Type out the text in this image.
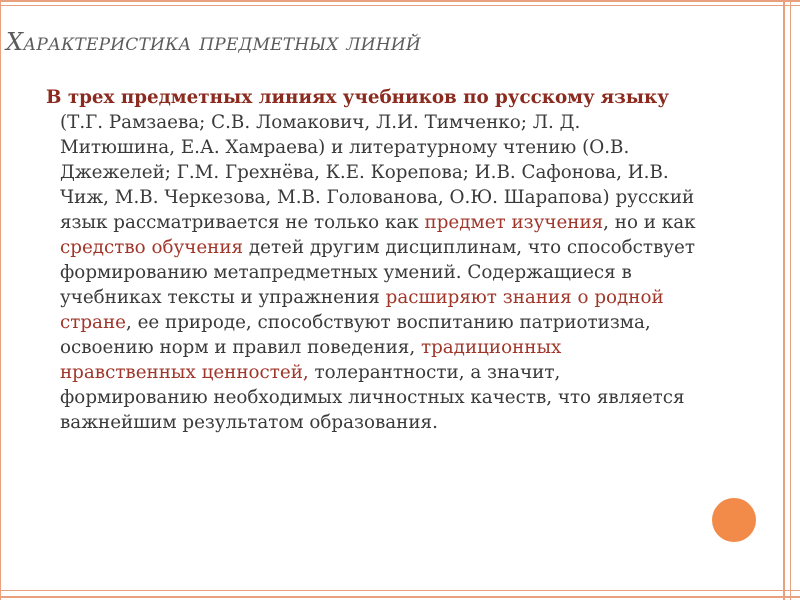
Характеристика предметных линий
В трех предметных линиях учебников по русскому языку (Т.Г. Рамзаева; С.В. Ломакович, Л.И. Тимченко; Л. Д. Митюшина, Е.А. Хамраева) и литературному чтению (О.В. Джежелей; Г.М. Грехнёва, К.Е. Корепова; И.В. Сафонова, И.В. Чиж, М.В. Черкезова, М.В. Голованова, О.Ю. Шарапова) русский язык рассматривается не только как предмет изучения, но и как средство обучения детей другим дисциплинам, что способствует формированию метапредметных умений. Содержащиеся в учебниках тексты и упражнения расширяют знания о родной стране, ее природе, способствуют воспитанию патриотизма, освоению норм и правил поведения, традиционных нравственных ценностей, толерантности, а значит, формированию необходимых личностных качеств, что является важнейшим результатом образования.
